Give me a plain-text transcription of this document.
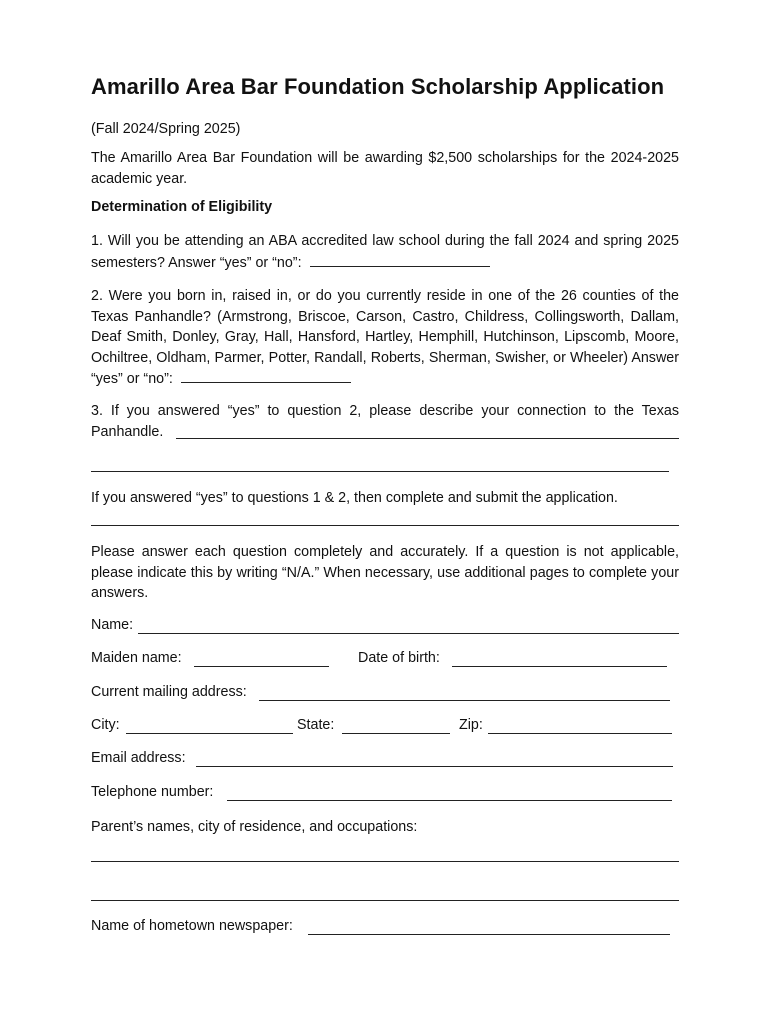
Amarillo Area Bar Foundation Scholarship Application

(Fall 2024/Spring 2025)

The Amarillo Area Bar Foundation will be awarding $2,500 scholarships for the 2024-2025 academic year.

Determination of Eligibility

1. Will you be attending an ABA accredited law school during the fall 2024 and spring 2025 semesters? Answer “yes” or “no”:

2. Were you born in, raised in, or do you currently reside in one of the 26 counties of the Texas Panhandle? (Armstrong, Briscoe, Carson, Castro, Childress, Collingsworth, Dallam, Deaf Smith, Donley, Gray, Hall, Hansford, Hartley, Hemphill, Hutchinson, Lipscomb, Moore, Ochiltree, Oldham, Parmer, Potter, Randall, Roberts, Sherman, Swisher, or Wheeler) Answer “yes” or “no”:

3. If you answered “yes” to question 2, please describe your connection to the Texas Panhandle.

If you answered “yes” to questions 1 & 2, then complete and submit the application.

Please answer each question completely and accurately. If a question is not applicable, please indicate this by writing “N/A.” When necessary, use additional pages to complete your answers.

Name:
Maiden name:	Date of birth:
Current mailing address:
City:	State:	Zip:
Email address:
Telephone number:
Parent’s names, city of residence, and occupations:
Name of hometown newspaper:
